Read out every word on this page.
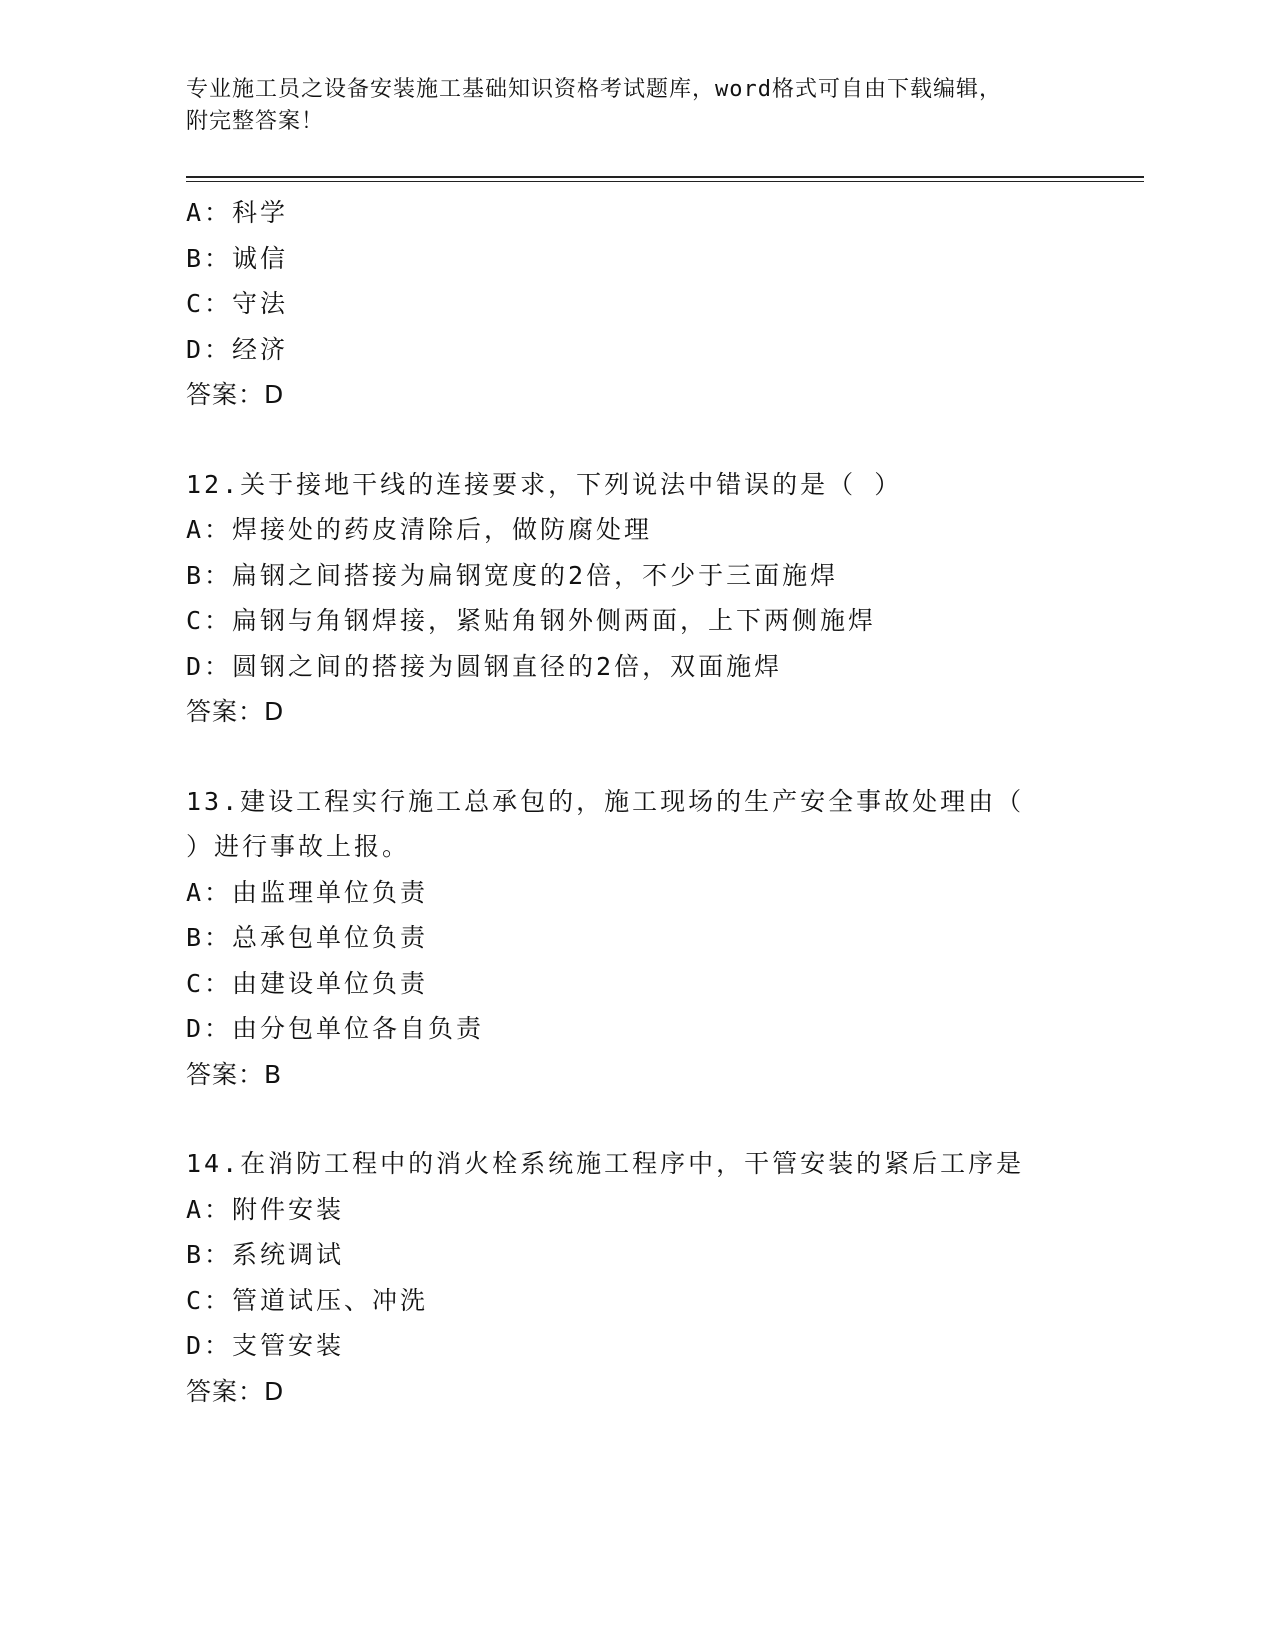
专业施工员之设备安装施工基础知识资格考试题库，word格式可自由下载编辑，
附完整答案！
A：科学
B：诚信
C：守法
D：经济
答案：D
12.关于接地干线的连接要求，下列说法中错误的是（ ）
A：焊接处的药皮清除后，做防腐处理
B：扁钢之间搭接为扁钢宽度的2倍，不少于三面施焊
C：扁钢与角钢焊接，紧贴角钢外侧两面，上下两侧施焊
D：圆钢之间的搭接为圆钢直径的2倍，双面施焊
答案：D
13.建设工程实行施工总承包的，施工现场的生产安全事故处理由（
）进行事故上报。
A：由监理单位负责
B：总承包单位负责
C：由建设单位负责
D：由分包单位各自负责
答案：B
14.在消防工程中的消火栓系统施工程序中，干管安装的紧后工序是
A：附件安装
B：系统调试
C：管道试压、冲洗
D：支管安装
答案：D
